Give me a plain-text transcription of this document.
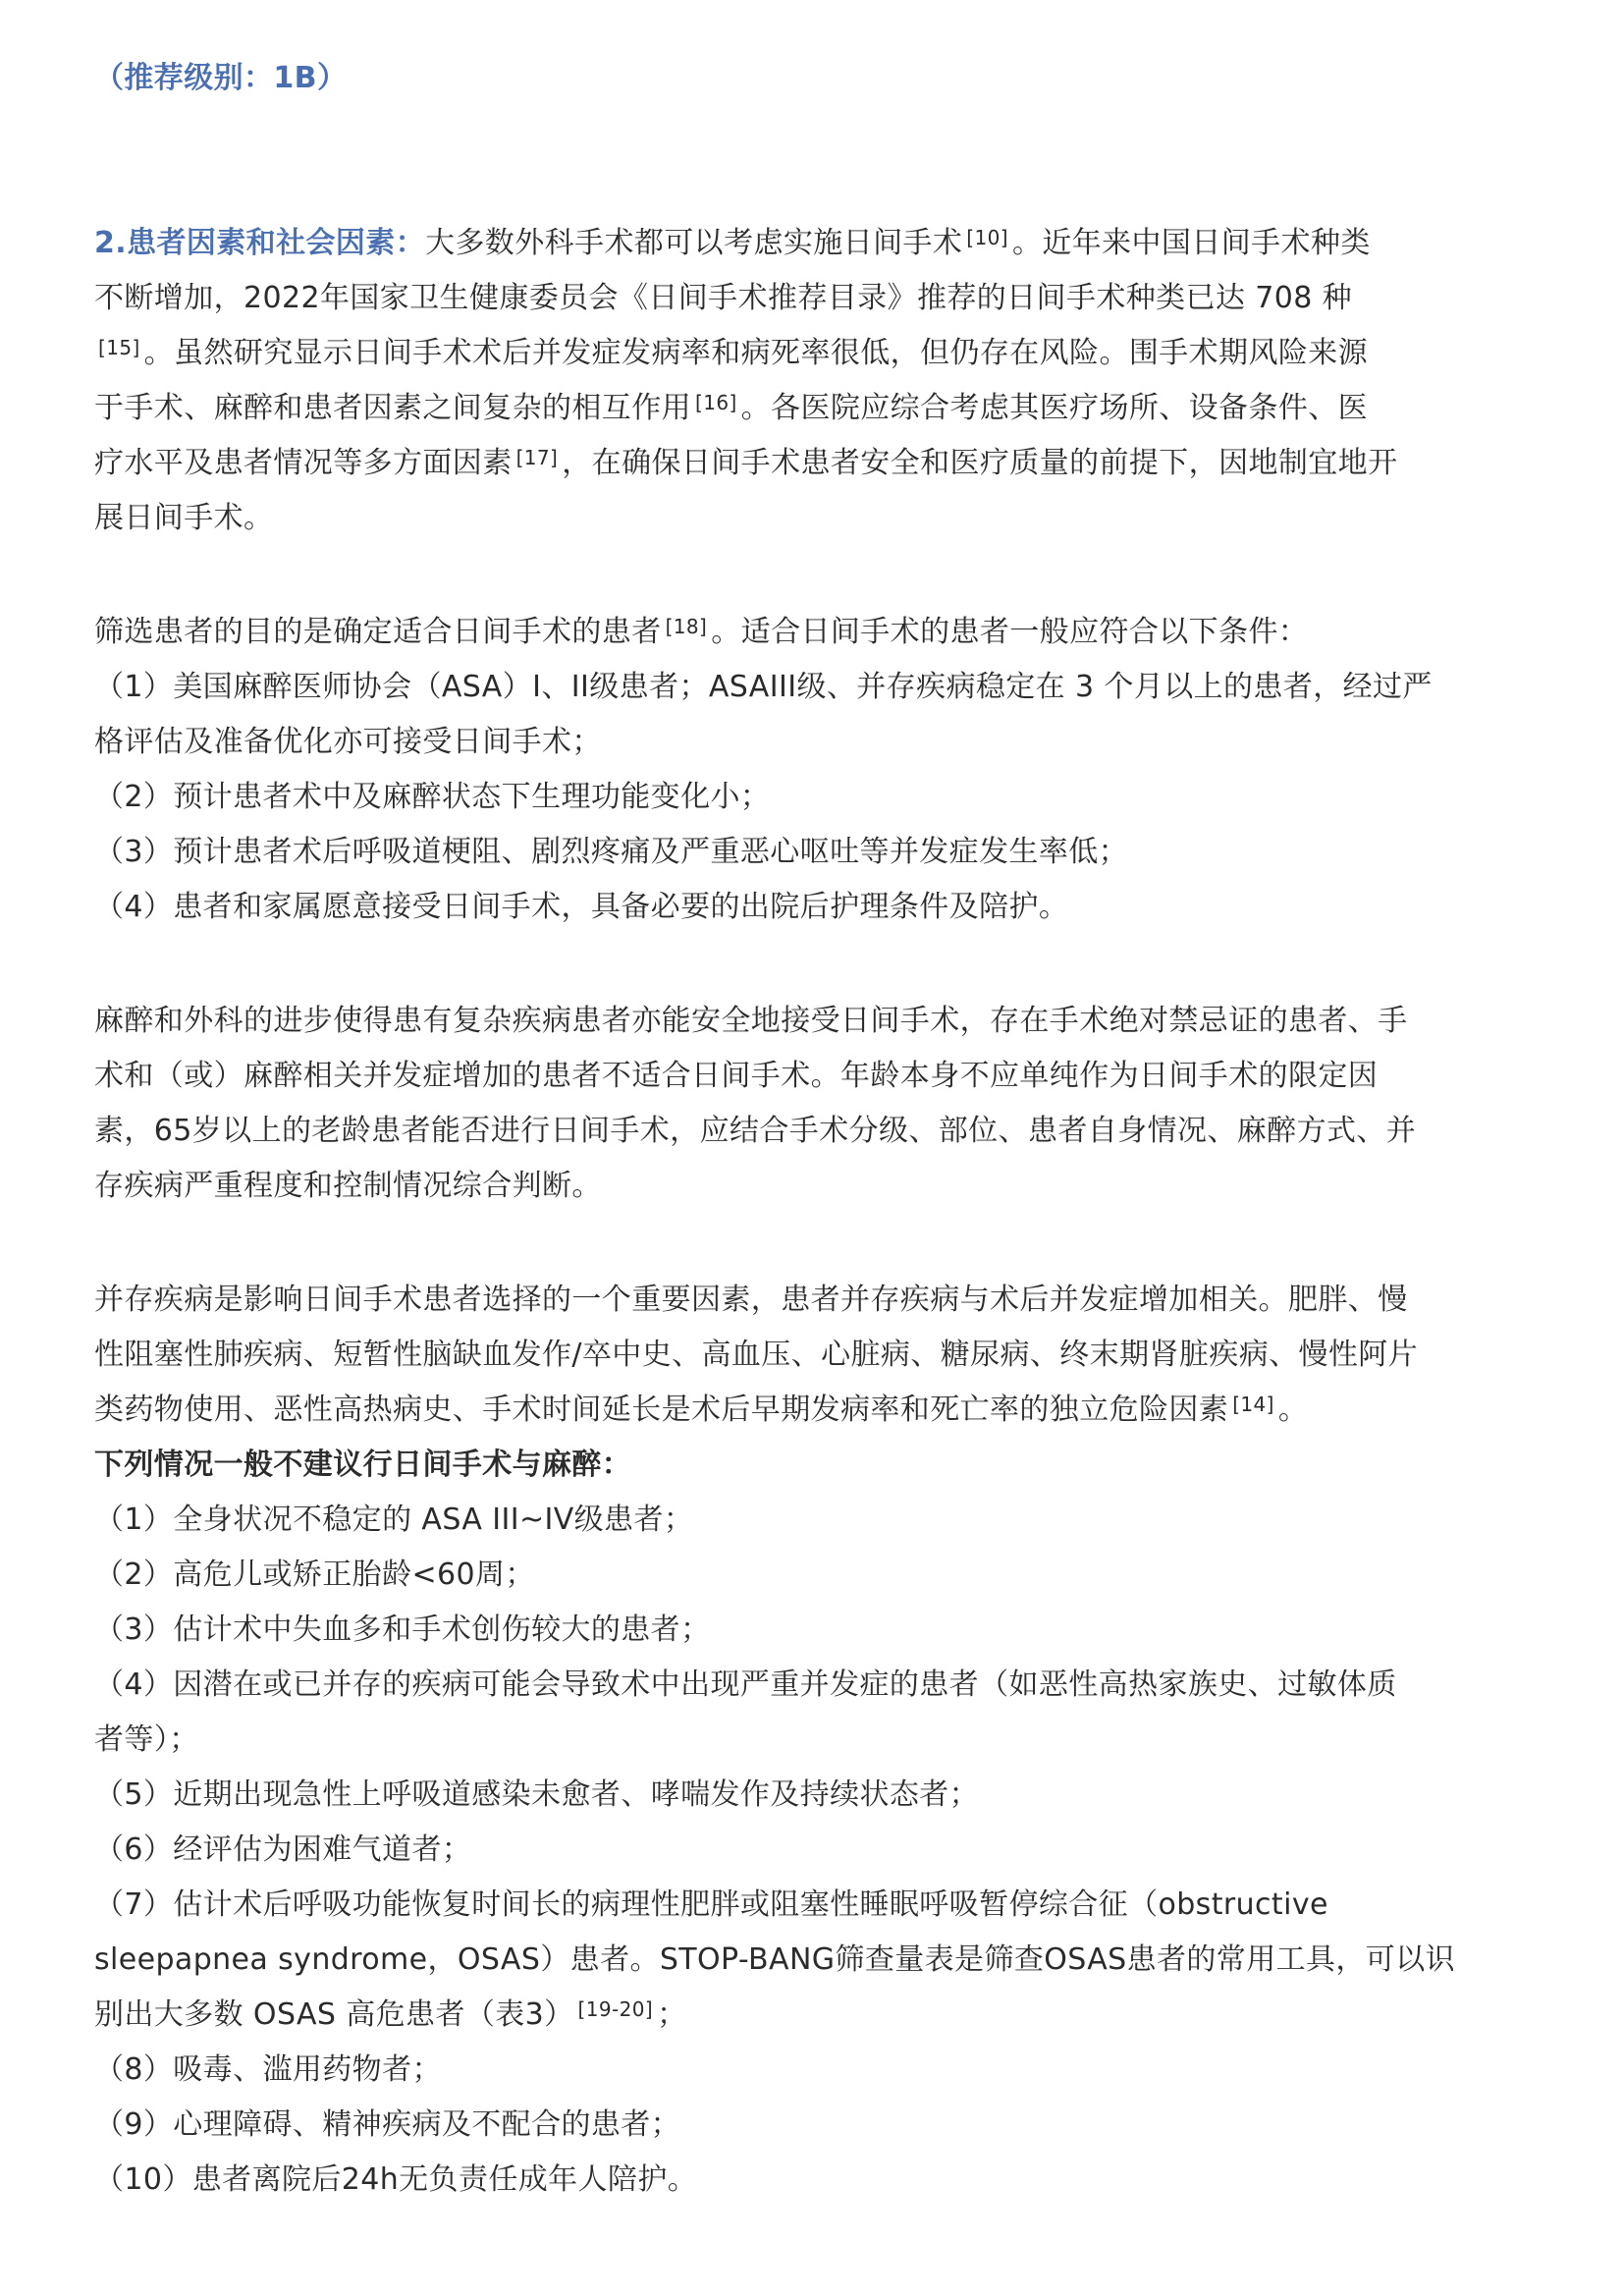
（推荐级别：1B）
2.患者因素和社会因素：大多数外科手术都可以考虑实施日间手术 [10] 。近年来中国日间手术种类
不断增加，2022年国家卫生健康委员会《日间手术推荐目录》推荐的日间手术种类已达 708 种
[15] 。虽然研究显示日间手术术后并发症发病率和病死率很低，但仍存在风险。围手术期风险来源
于手术、麻醉和患者因素之间复杂的相互作用 [16] 。各医院应综合考虑其医疗场所、设备条件、医
疗水平及患者情况等多方面因素 [17] ，在确保日间手术患者安全和医疗质量的前提下，因地制宜地开
展日间手术。
筛选患者的目的是确定适合日间手术的患者 [18] 。适合日间手术的患者一般应符合以下条件：
（1）美国麻醉医师协会（ASA）I、II级患者；ASAIII级、并存疾病稳定在 3 个月以上的患者，经过严
格评估及准备优化亦可接受日间手术；
（2）预计患者术中及麻醉状态下生理功能变化小；
（3）预计患者术后呼吸道梗阻、剧烈疼痛及严重恶心呕吐等并发症发生率低；
（4）患者和家属愿意接受日间手术，具备必要的出院后护理条件及陪护。
麻醉和外科的进步使得患有复杂疾病患者亦能安全地接受日间手术，存在手术绝对禁忌证的患者、手
术和（或）麻醉相关并发症增加的患者不适合日间手术。年龄本身不应单纯作为日间手术的限定因
素，65岁以上的老龄患者能否进行日间手术，应结合手术分级、部位、患者自身情况、麻醉方式、并
存疾病严重程度和控制情况综合判断。
并存疾病是影响日间手术患者选择的一个重要因素，患者并存疾病与术后并发症增加相关。肥胖、慢
性阻塞性肺疾病、短暂性脑缺血发作/卒中史、高血压、心脏病、糖尿病、终末期肾脏疾病、慢性阿片
类药物使用、恶性高热病史、手术时间延长是术后早期发病率和死亡率的独立危险因素 [14] 。
下列情况一般不建议行日间手术与麻醉：
（1）全身状况不稳定的 ASA III~IV级患者；
（2）高危儿或矫正胎龄<60周；
（3）估计术中失血多和手术创伤较大的患者；
（4）因潜在或已并存的疾病可能会导致术中出现严重并发症的患者（如恶性高热家族史、过敏体质
者等）；
（5）近期出现急性上呼吸道感染未愈者、哮喘发作及持续状态者；
（6）经评估为困难气道者；
（7）估计术后呼吸功能恢复时间长的病理性肥胖或阻塞性睡眠呼吸暂停综合征（obstructive
sleepapnea syndrome，OSAS）患者。STOP-BANG筛查量表是筛查OSAS患者的常用工具，可以识
别出大多数 OSAS 高危患者（表3） [19-20] ；
（8）吸毒、滥用药物者；
（9）心理障碍、精神疾病及不配合的患者；
（10）患者离院后24h无负责任成年人陪护。
